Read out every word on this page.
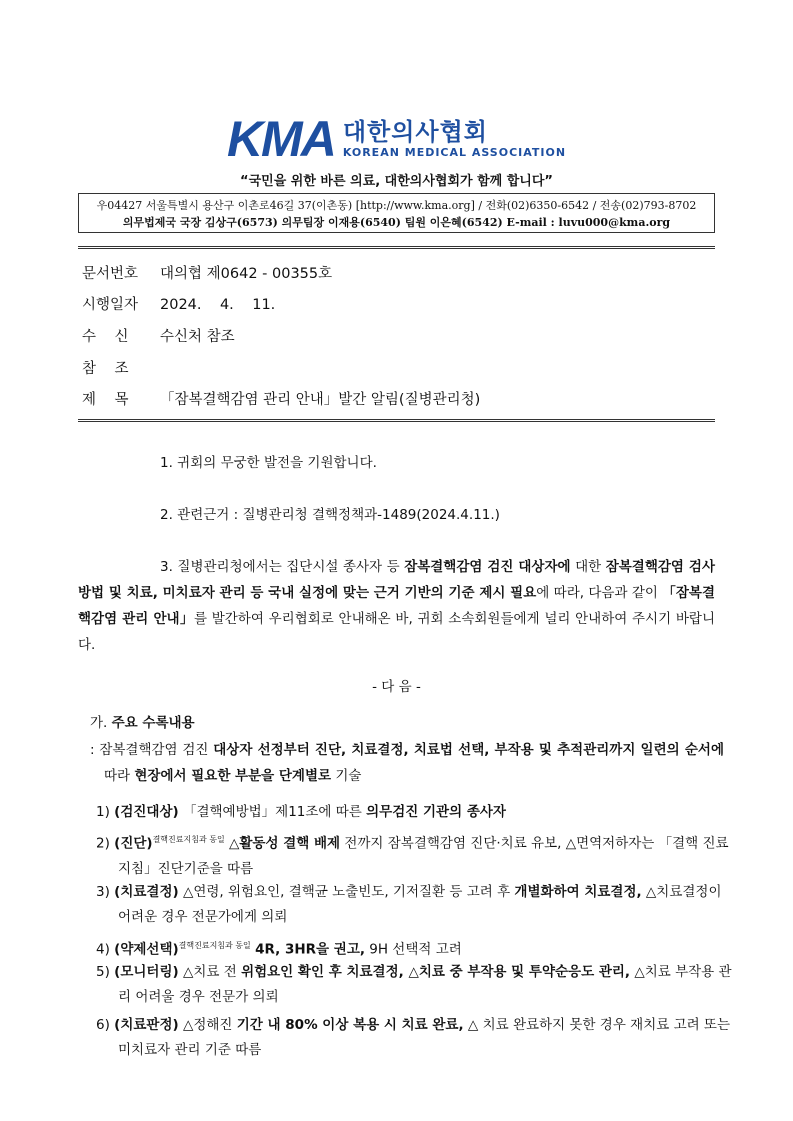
KMA 대한의사협회
KOREAN MEDICAL ASSOCIATION
“국민을 위한 바른 의료, 대한의사협회가 함께 합니다”
우04427 서울특별시 용산구 이촌로46길 37(이촌동) [http://www.kma.org] / 전화(02)6350-6542 / 전송(02)793-8702
의무법제국 국장 김상구(6573) 의무팀장 이재용(6540) 팀원 이은혜(6542) E-mail : luvu000@kma.org
문서번호 대의협 제0642 - 00355호
시행일자 2024.    4.    11.
수    신 수신처 참조
참    조
제    목 「잠복결핵감염 관리 안내」발간 알림(질병관리청)
1. 귀회의 무궁한 발전을 기원합니다.
2. 관련근거 : 질병관리청 결핵정책과-1489(2024.4.11.)
3. 질병관리청에서는 집단시설 종사자 등 잠복결핵감염 검진 대상자에 대한 잠복결핵감염 검사방법 및 치료, 미치료자 관리 등 국내 실정에 맞는 근거 기반의 기준 제시 필요에 따라, 다음과 같이 「잠복결핵감염 관리 안내」를 발간하여 우리협회로 안내해온 바, 귀회 소속회원들에게 널리 안내하여 주시기 바랍니다.
- 다 음 -
가. 주요 수록내용
: 잠복결핵감염 검진 대상자 선정부터 진단, 치료결정, 치료법 선택, 부작용 및 추적관리까지 일련의 순서에 따라 현장에서 필요한 부분을 단계별로 기술
1) (검진대상) 「결핵예방법」제11조에 따른 의무검진 기관의 종사자
2) (진단)$^{결핵진료지침과 동일}$ △활동성 결핵 배제 전까지 잠복결핵감염 진단·치료 유보, △면역저하자는 「결핵 진료지침」진단기준을 따름
3) (치료결정) △연령, 위험요인, 결핵균 노출빈도, 기저질환 등 고려 후 개별화하여 치료결정, △치료결정이 어려운 경우 전문가에게 의뢰
4) (약제선택)$^{결핵진료지침과 동일}$ 4R, 3HR을 권고, 9H 선택적 고려
5) (모니터링) △치료 전 위험요인 확인 후 치료결정, △치료 중 부작용 및 투약순응도 관리, △치료 부작용 관리 어려울 경우 전문가 의뢰
6) (치료판정) △정해진 기간 내 80% 이상 복용 시 치료 완료, △ 치료 완료하지 못한 경우 재치료 고려 또는 미치료자 관리 기준 따름
